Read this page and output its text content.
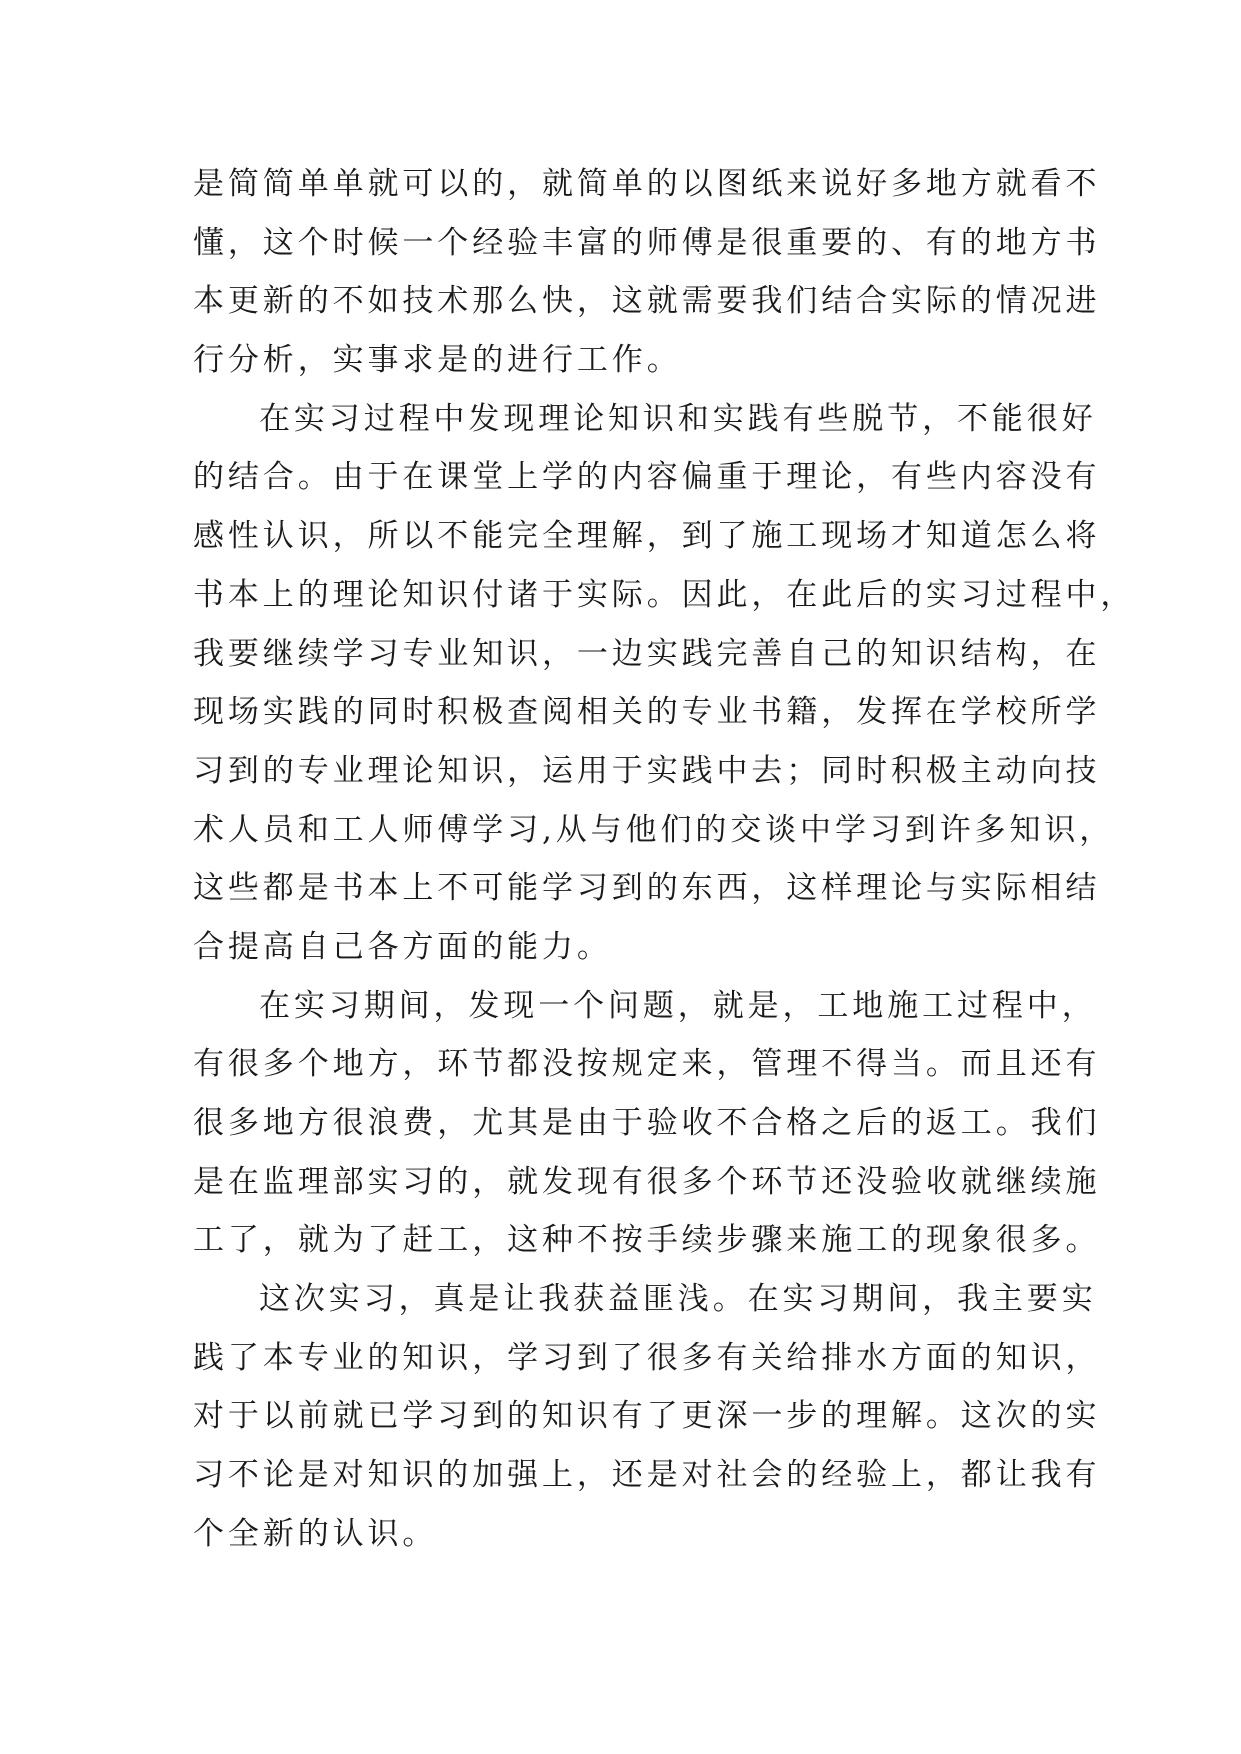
是简简单单就可以的，就简单的以图纸来说好多地方就看不
懂，这个时候一个经验丰富的师傅是很重要的、有的地方书
本更新的不如技术那么快，这就需要我们结合实际的情况进
行分析，实事求是的进行工作。
在实习过程中发现理论知识和实践有些脱节，不能很好
的结合。由于在课堂上学的内容偏重于理论，有些内容没有
感性认识，所以不能完全理解，到了施工现场才知道怎么将
书本上的理论知识付诸于实际。因此，在此后的实习过程中，
我要继续学习专业知识，一边实践完善自己的知识结构，在
现场实践的同时积极查阅相关的专业书籍，发挥在学校所学
习到的专业理论知识，运用于实践中去；同时积极主动向技
术人员和工人师傅学习,从与他们的交谈中学习到许多知识，
这些都是书本上不可能学习到的东西，这样理论与实际相结
合提高自己各方面的能力。
在实习期间，发现一个问题，就是，工地施工过程中，
有很多个地方，环节都没按规定来，管理不得当。而且还有
很多地方很浪费，尤其是由于验收不合格之后的返工。我们
是在监理部实习的，就发现有很多个环节还没验收就继续施
工了，就为了赶工，这种不按手续步骤来施工的现象很多。
这次实习，真是让我获益匪浅。在实习期间，我主要实
践了本专业的知识，学习到了很多有关给排水方面的知识，
对于以前就已学习到的知识有了更深一步的理解。这次的实
习不论是对知识的加强上，还是对社会的经验上，都让我有
个全新的认识。
